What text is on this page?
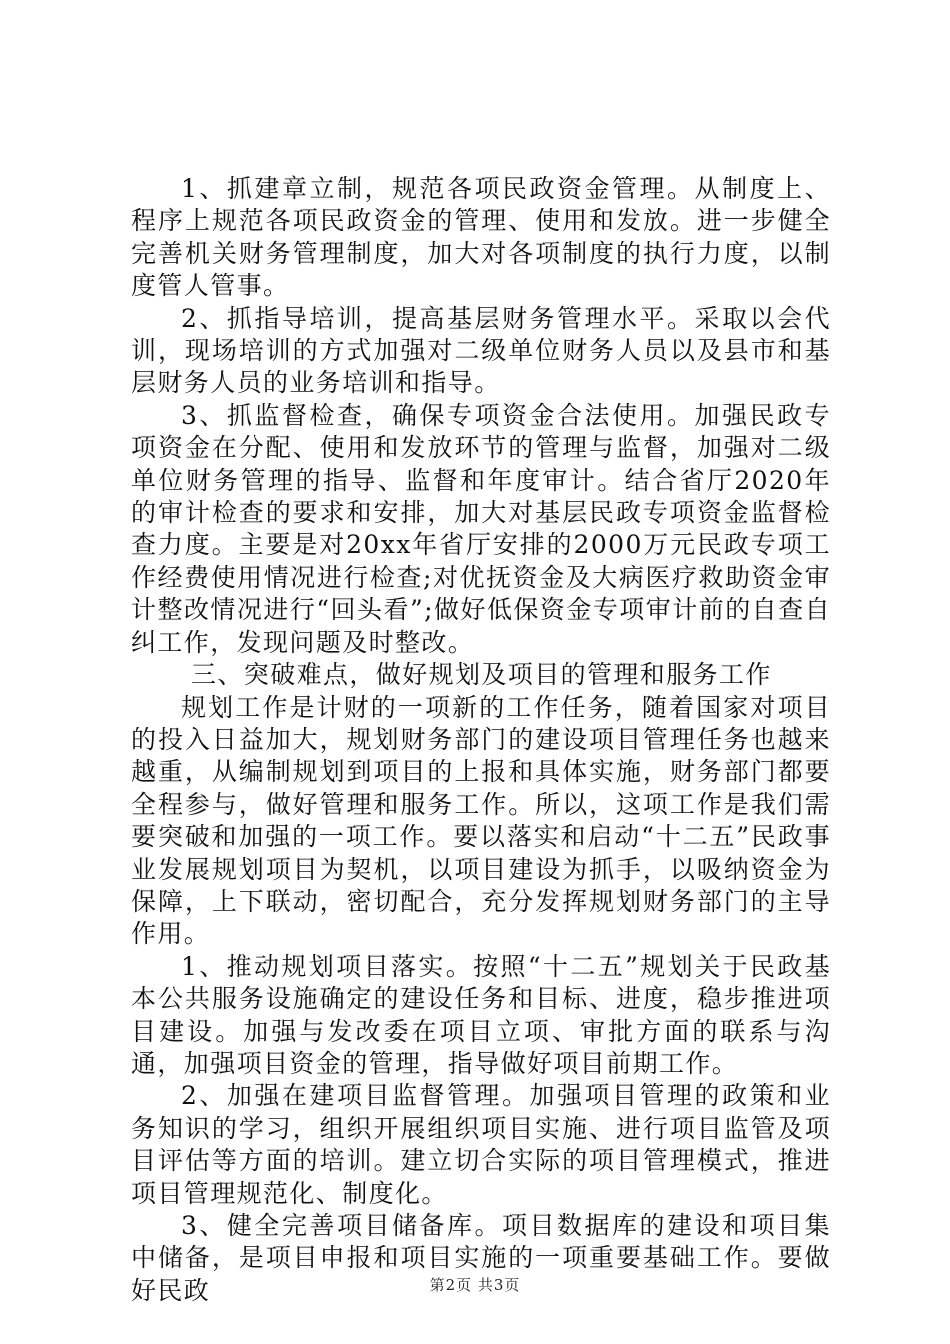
1、抓建章立制，规范各项民政资金管理。从制度上、程序上规范各项民政资金的管理、使用和发放。进一步健全完善机关财务管理制度，加大对各项制度的执行力度，以制度管人管事。

2、抓指导培训，提高基层财务管理水平。采取以会代训，现场培训的方式加强对二级单位财务人员以及县市和基层财务人员的业务培训和指导。

3、抓监督检查，确保专项资金合法使用。加强民政专项资金在分配、使用和发放环节的管理与监督，加强对二级单位财务管理的指导、监督和年度审计。结合省厅2020年的审计检查的要求和安排，加大对基层民政专项资金监督检查力度。主要是对20xx年省厅安排的2000万元民政专项工作经费使用情况进行检查;对优抚资金及大病医疗救助资金审计整改情况进行“回头看”;做好低保资金专项审计前的自查自纠工作，发现问题及时整改。

三、突破难点，做好规划及项目的管理和服务工作

规划工作是计财的一项新的工作任务，随着国家对项目的投入日益加大，规划财务部门的建设项目管理任务也越来越重，从编制规划到项目的上报和具体实施，财务部门都要全程参与，做好管理和服务工作。所以，这项工作是我们需要突破和加强的一项工作。要以落实和启动“十二五”民政事业发展规划项目为契机，以项目建设为抓手，以吸纳资金为保障，上下联动，密切配合，充分发挥规划财务部门的主导作用。

1、推动规划项目落实。按照“十二五”规划关于民政基本公共服务设施确定的建设任务和目标、进度，稳步推进项目建设。加强与发改委在项目立项、审批方面的联系与沟通，加强项目资金的管理，指导做好项目前期工作。

2、加强在建项目监督管理。加强项目管理的政策和业务知识的学习，组织开展组织项目实施、进行项目监管及项目评估等方面的培训。建立切合实际的项目管理模式，推进项目管理规范化、制度化。

3、健全完善项目储备库。项目数据库的建设和项目集中储备，是项目申报和项目实施的一项重要基础工作。要做好民政	第2页 共3页
